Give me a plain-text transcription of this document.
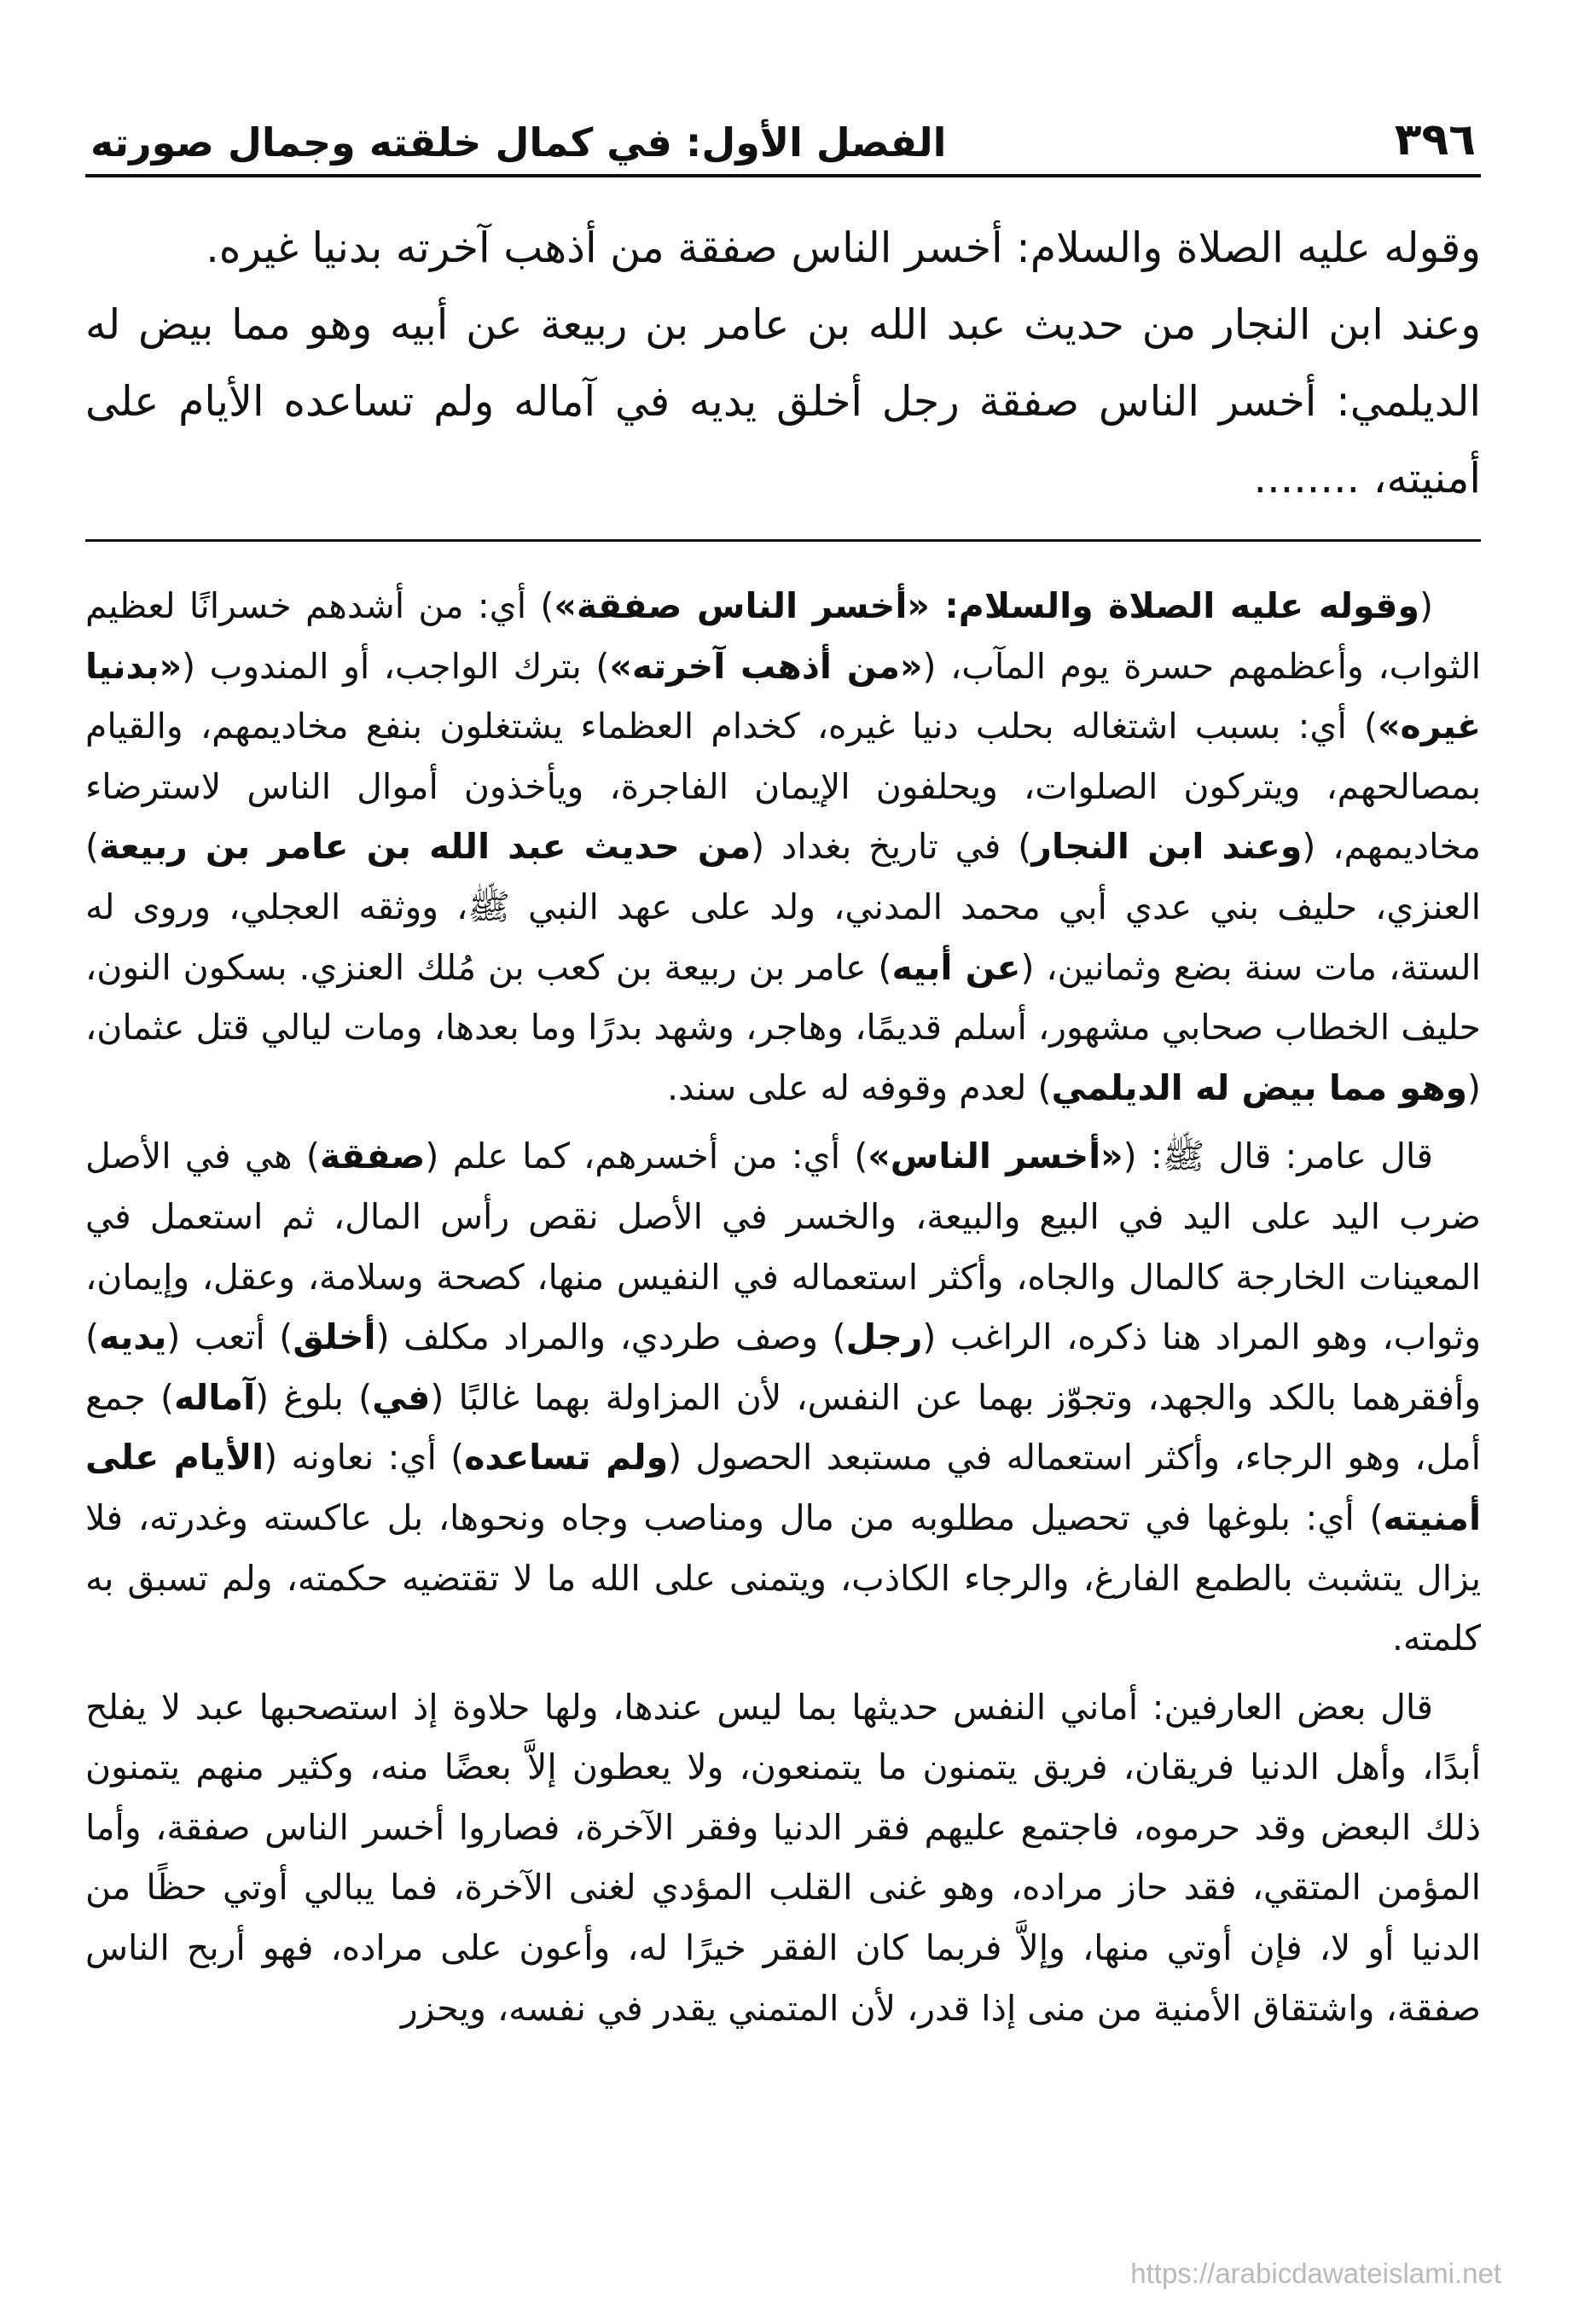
٣٩٦
الفصل الأول: في كمال خلقته وجمال صورته

وقوله عليه الصلاة والسلام: أخسر الناس صفقة من أذهب آخرته بدنيا غيره.

وعند ابن النجار من حديث عبد الله بن عامر بن ربيعة عن أبيه وهو مما بيض له الديلمي: أخسر الناس صفقة رجل أخلق يديه في آماله ولم تساعده الأيام على أمنيته، ........

(وقوله عليه الصلاة والسلام: «أخسر الناس صفقة») أي: من أشدهم خسرانًا لعظيم الثواب، وأعظمهم حسرة يوم المآب، («من أذهب آخرته») بترك الواجب، أو المندوب («بدنيا غيره») أي: بسبب اشتغاله بحلب دنيا غيره، كخدام العظماء يشتغلون بنفع مخاديمهم، والقيام بمصالحهم، ويتركون الصلوات، ويحلفون الإيمان الفاجرة، ويأخذون أموال الناس لاسترضاء مخاديمهم، (وعند ابن النجار) في تاريخ بغداد (من حديث عبد الله بن عامر بن ربيعة) العنزي، حليف بني عدي أبي محمد المدني، ولد على عهد النبي ﷺ، ووثقه العجلي، وروى له الستة، مات سنة بضع وثمانين، (عن أبيه) عامر بن ربيعة بن كعب بن مُلك العنزي. بسكون النون، حليف الخطاب صحابي مشهور، أسلم قديمًا، وهاجر، وشهد بدرًا وما بعدها، ومات ليالي قتل عثمان، (وهو مما بيض له الديلمي) لعدم وقوفه له على سند.

قال عامر: قال ﷺ: («أخسر الناس») أي: من أخسرهم، كما علم (صفقة) هي في الأصل ضرب اليد على اليد في البيع والبيعة، والخسر في الأصل نقص رأس المال، ثم استعمل في المعينات الخارجة كالمال والجاه، وأكثر استعماله في النفيس منها، كصحة وسلامة، وعقل، وإيمان، وثواب، وهو المراد هنا ذكره، الراغب (رجل) وصف طردي، والمراد مكلف (أخلق) أتعب (يديه) وأفقرهما بالكد والجهد، وتجوّز بهما عن النفس، لأن المزاولة بهما غالبًا (في) بلوغ (آماله) جمع أمل، وهو الرجاء، وأكثر استعماله في مستبعد الحصول (ولم تساعده) أي: نعاونه (الأيام على أمنيته) أي: بلوغها في تحصيل مطلوبه من مال ومناصب وجاه ونحوها، بل عاكسته وغدرته، فلا يزال يتشبث بالطمع الفارغ، والرجاء الكاذب، ويتمنى على الله ما لا تقتضيه حكمته، ولم تسبق به كلمته.

قال بعض العارفين: أماني النفس حديثها بما ليس عندها، ولها حلاوة إذ استصحبها عبد لا يفلح أبدًا، وأهل الدنيا فريقان، فريق يتمنون ما يتمنعون، ولا يعطون إلاَّ بعضًا منه، وكثير منهم يتمنون ذلك البعض وقد حرموه، فاجتمع عليهم فقر الدنيا وفقر الآخرة، فصاروا أخسر الناس صفقة، وأما المؤمن المتقي، فقد حاز مراده، وهو غنى القلب المؤدي لغنى الآخرة، فما يبالي أوتي حظًا من الدنيا أو لا، فإن أوتي منها، وإلاَّ فربما كان الفقر خيرًا له، وأعون على مراده، فهو أربح الناس صفقة، واشتقاق الأمنية من منى إذا قدر، لأن المتمني يقدر في نفسه، ويحزر

https://arabicdawateislami.net
